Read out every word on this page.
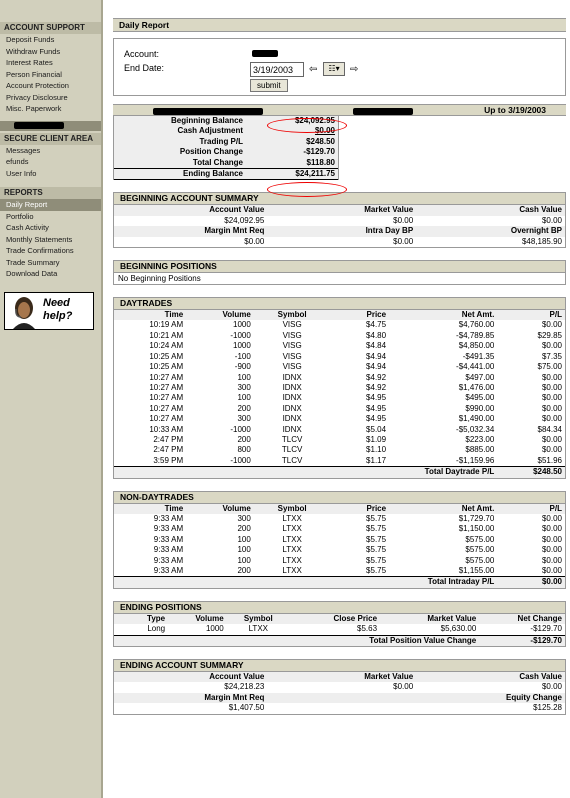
ACCOUNT SUPPORT
Deposit Funds
Withdraw Funds
Interest Rates
Person Financial
Account Protection
Privacy Disclosure
Misc. Paperwork
SECURE CLIENT AREA
Messages
efunds
User Info
REPORTS
Daily Report
Portfolio
Cash Activity
Monthly Statements
Trade Confirmations
Trade Summary
Download Data
Need
help?
Daily Report
Account:
End Date:
3/19/2003	⇦	☷▾	⇨
submit
Up to 3/19/2003
Beginning Balance	$24,092.95
Cash Adjustment	$0.00
Trading P/L	$248.50
Position Change	-$129.70
Total Change	$118.80
Ending Balance	$24,211.75
BEGINNING ACCOUNT SUMMARY
Account Value	Market Value	Cash Value
$24,092.95	$0.00	$0.00
Margin Mnt Req	Intra Day BP	Overnight BP
$0.00	$0.00	$48,185.90
BEGINNING POSITIONS
No Beginning Positions
DAYTRADES
Time	Volume	Symbol	Price	Net Amt.	P/L
10:19 AM	1000	VISG	$4.75	$4,760.00	$0.00
10:21 AM	-1000	VISG	$4.80	-$4,789.85	$29.85
10:24 AM	1000	VISG	$4.84	$4,850.00	$0.00
10:25 AM	-100	VISG	$4.94	-$491.35	$7.35
10:25 AM	-900	VISG	$4.94	-$4,441.00	$75.00
10:27 AM	100	IDNX	$4.92	$497.00	$0.00
10:27 AM	300	IDNX	$4.92	$1,476.00	$0.00
10:27 AM	100	IDNX	$4.95	$495.00	$0.00
10:27 AM	200	IDNX	$4.95	$990.00	$0.00
10:27 AM	300	IDNX	$4.95	$1,490.00	$0.00
10:33 AM	-1000	IDNX	$5.04	-$5,032.34	$84.34
2:47 PM	200	TLCV	$1.09	$223.00	$0.00
2:47 PM	800	TLCV	$1.10	$885.00	$0.00
3:59 PM	-1000	TLCV	$1.17	-$1,159.96	$51.96
Total Daytrade P/L					$248.50
NON-DAYTRADES
Time	Volume	Symbol	Price	Net Amt.	P/L
9:33 AM	300	LTXX	$5.75	$1,729.70	$0.00
9:33 AM	200	LTXX	$5.75	$1,150.00	$0.00
9:33 AM	100	LTXX	$5.75	$575.00	$0.00
9:33 AM	100	LTXX	$5.75	$575.00	$0.00
9:33 AM	100	LTXX	$5.75	$575.00	$0.00
9:33 AM	200	LTXX	$5.75	$1,155.00	$0.00
Total Intraday P/L					$0.00
ENDING POSITIONS
Type	Volume	Symbol	Close Price	Market Value	Net Change
Long	1000	LTXX	$5.63	$5,630.00	-$129.70
Total Position Value Change					-$129.70
ENDING ACCOUNT SUMMARY
Account Value	Market Value	Cash Value
$24,218.23	$0.00	$0.00
Margin Mnt Req		Equity Change
$1,407.50		$125.28
